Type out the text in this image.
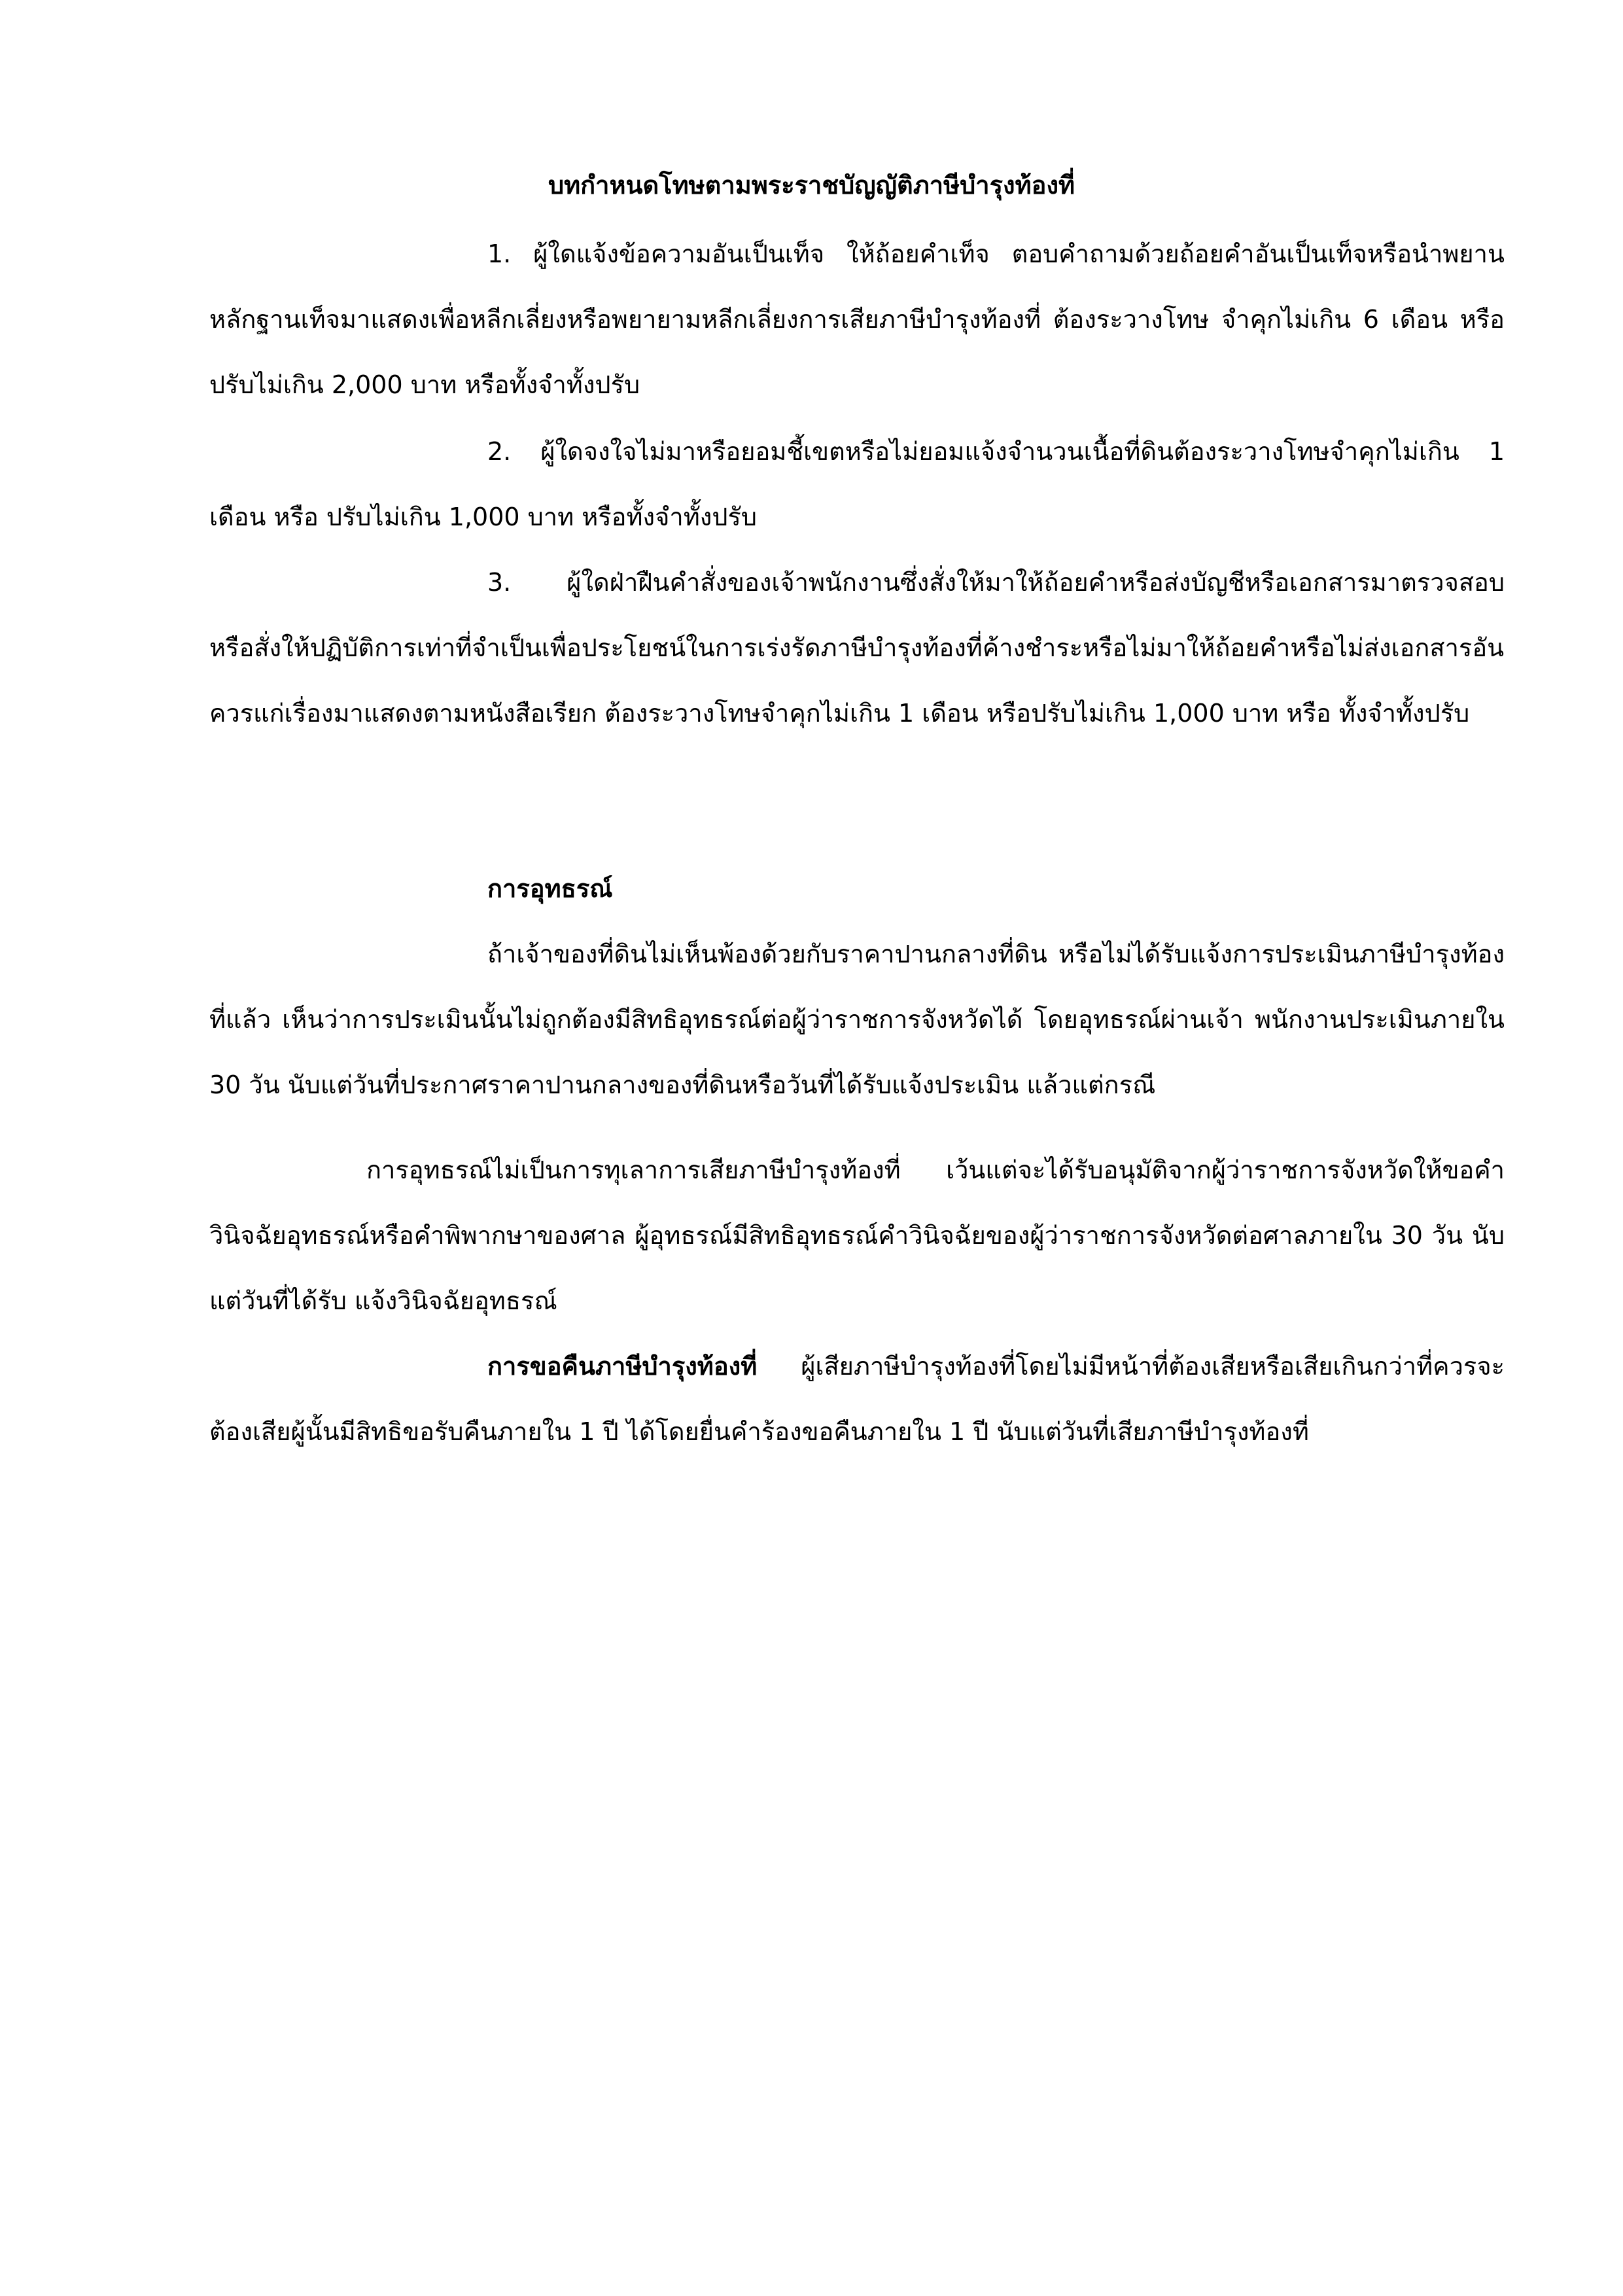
บทกำหนดโทษตามพระราชบัญญัติภาษีบำรุงท้องที่

1. ผู้ใดแจ้งข้อความอันเป็นเท็จ ให้ถ้อยคำเท็จ ตอบคำถามด้วยถ้อยคำอันเป็นเท็จหรือนำพยานหลักฐานเท็จมาแสดงเพื่อหลีกเลี่ยงหรือพยายามหลีกเลี่ยงการเสียภาษีบำรุงท้องที่ ต้องระวางโทษ จำคุกไม่เกิน 6 เดือน หรือปรับไม่เกิน 2,000 บาท หรือทั้งจำทั้งปรับ

2. ผู้ใดจงใจไม่มาหรือยอมชี้เขตหรือไม่ยอมแจ้งจำนวนเนื้อที่ดินต้องระวางโทษจำคุกไม่เกิน 1 เดือน หรือ ปรับไม่เกิน 1,000 บาท หรือทั้งจำทั้งปรับ

3. ผู้ใดฝ่าฝืนคำสั่งของเจ้าพนักงานซึ่งสั่งให้มาให้ถ้อยคำหรือส่งบัญชีหรือเอกสารมาตรวจสอบ หรือสั่งให้ปฏิบัติการเท่าที่จำเป็นเพื่อประโยชน์ในการเร่งรัดภาษีบำรุงท้องที่ค้างชำระหรือไม่มาให้ถ้อยคำหรือไม่ส่งเอกสารอันควรแก่เรื่องมาแสดงตามหนังสือเรียก ต้องระวางโทษจำคุกไม่เกิน 1 เดือน หรือปรับไม่เกิน 1,000 บาท หรือ ทั้งจำทั้งปรับ

การอุทธรณ์

ถ้าเจ้าของที่ดินไม่เห็นพ้องด้วยกับราคาปานกลางที่ดิน หรือไม่ได้รับแจ้งการประเมินภาษีบำรุงท้องที่แล้ว เห็นว่าการประเมินนั้นไม่ถูกต้องมีสิทธิอุทธรณ์ต่อผู้ว่าราชการจังหวัดได้ โดยอุทธรณ์ผ่านเจ้า พนักงานประเมินภายใน 30 วัน นับแต่วันที่ประกาศราคาปานกลางของที่ดินหรือวันที่ได้รับแจ้งประเมิน แล้วแต่กรณี

การอุทธรณ์ไม่เป็นการทุเลาการเสียภาษีบำรุงท้องที่ เว้นแต่จะได้รับอนุมัติจากผู้ว่าราชการจังหวัดให้ขอคำวินิจฉัยอุทธรณ์หรือคำพิพากษาของศาล ผู้อุทธรณ์มีสิทธิอุทธรณ์คำวินิจฉัยของผู้ว่าราชการจังหวัดต่อศาลภายใน 30 วัน นับแต่วันที่ได้รับ แจ้งวินิจฉัยอุทธรณ์

การขอคืนภาษีบำรุงท้องที่ ผู้เสียภาษีบำรุงท้องที่โดยไม่มีหน้าที่ต้องเสียหรือเสียเกินกว่าที่ควรจะต้องเสียผู้นั้นมีสิทธิขอรับคืนภายใน 1 ปี ได้โดยยื่นคำร้องขอคืนภายใน 1 ปี นับแต่วันที่เสียภาษีบำรุงท้องที่
